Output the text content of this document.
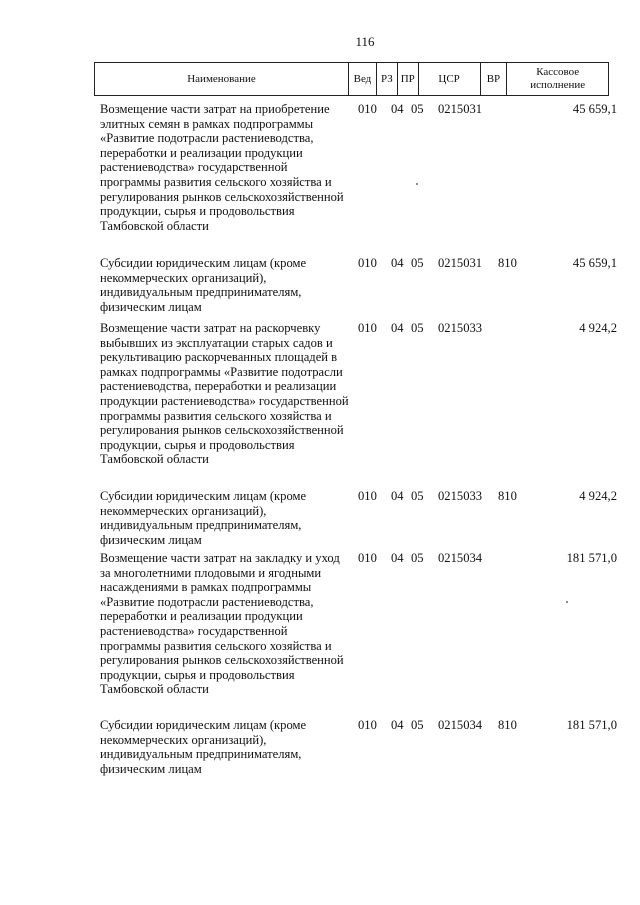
116
Наименование	Вед РЗ ПР	ЦСР	ВР
Кассовое исполнение
Возмещение части затрат на приобретение элитных семян в рамках подпрограммы «Развитие подотрасли растениеводства, переработки и реализации продукции растениеводства» государственной программы развития сельского хозяйства и регулирования рынков сельскохозяйственной продукции, сырья и продовольствия Тамбовской области
010 04 05 0215031	45 659,1
Субсидии юридическим лицам (кроме некоммерческих организаций), индивидуальным предпринимателям, физическим лицам
010 04 05 0215031 810	45 659,1
Возмещение части затрат на раскорчевку выбывших из эксплуатации старых садов и рекультивацию раскорчеванных площадей в рамках подпрограммы «Развитие подотрасли растениеводства, переработки и реализации продукции растениеводства» государственной программы развития сельского хозяйства и регулирования рынков сельскохозяйственной продукции, сырья и продовольствия Тамбовской области
010 04 05 0215033	4 924,2
Субсидии юридическим лицам (кроме некоммерческих организаций), индивидуальным предпринимателям, физическим лицам
010 04 05 0215033 810	4 924,2
Возмещение части затрат на закладку и уход за многолетними плодовыми и ягодными насаждениями в рамках подпрограммы «Развитие подотрасли растениеводства, переработки и реализации продукции растениеводства» государственной программы развития сельского хозяйства и регулирования рынков сельскохозяйственной продукции, сырья и продовольствия Тамбовской области
010 04 05 0215034	181 571,0
Субсидии юридическим лицам (кроме некоммерческих организаций), индивидуальным предпринимателям, физическим лицам
010 04 05 0215034 810	181 571,0
